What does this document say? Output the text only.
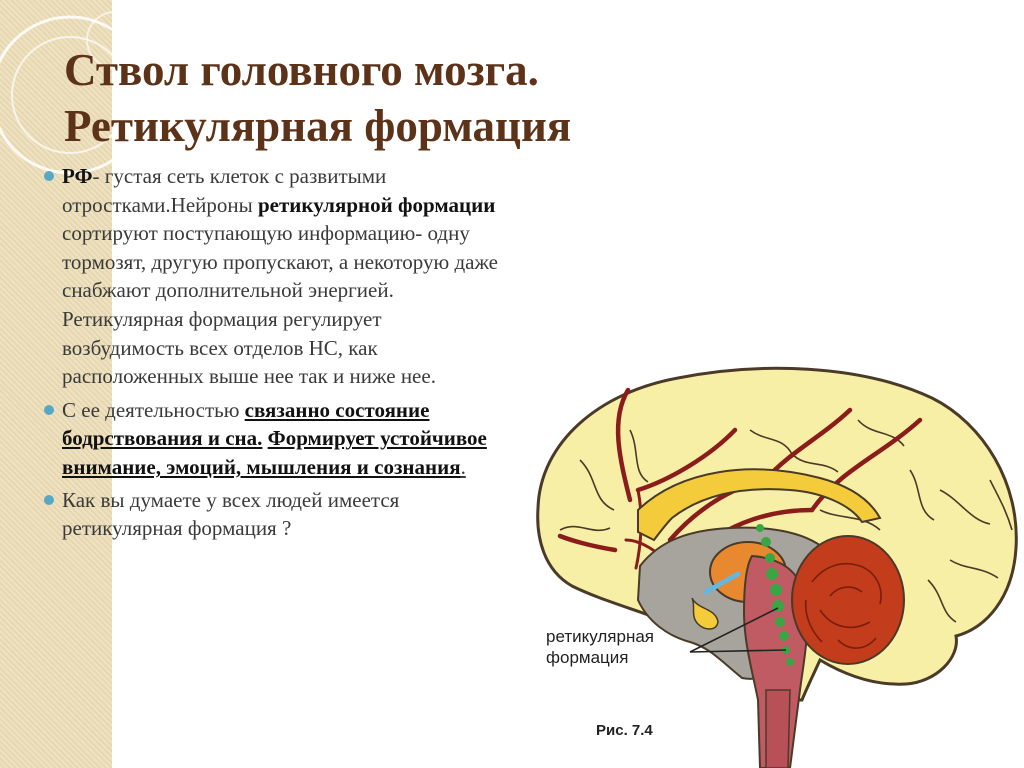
Ствол головного мозга.
Ретикулярная формация
РФ- густая сеть клеток с развитыми отростками.Нейроны ретикулярной формации сортируют поступающую информацию- одну тормозят, другую пропускают, а некоторую даже снабжают дополнительной энергией. Ретикулярная формация регулирует возбудимость всех отделов НС, как расположенных выше нее так и ниже нее.
С ее деятельностью связанно состояние бодрствования и сна. Формирует устойчивое внимание, эмоций, мышления и сознания.
Как вы думаете у всех людей имеется ретикулярная формация ?
ретикулярная
формация
Рис. 7.4
